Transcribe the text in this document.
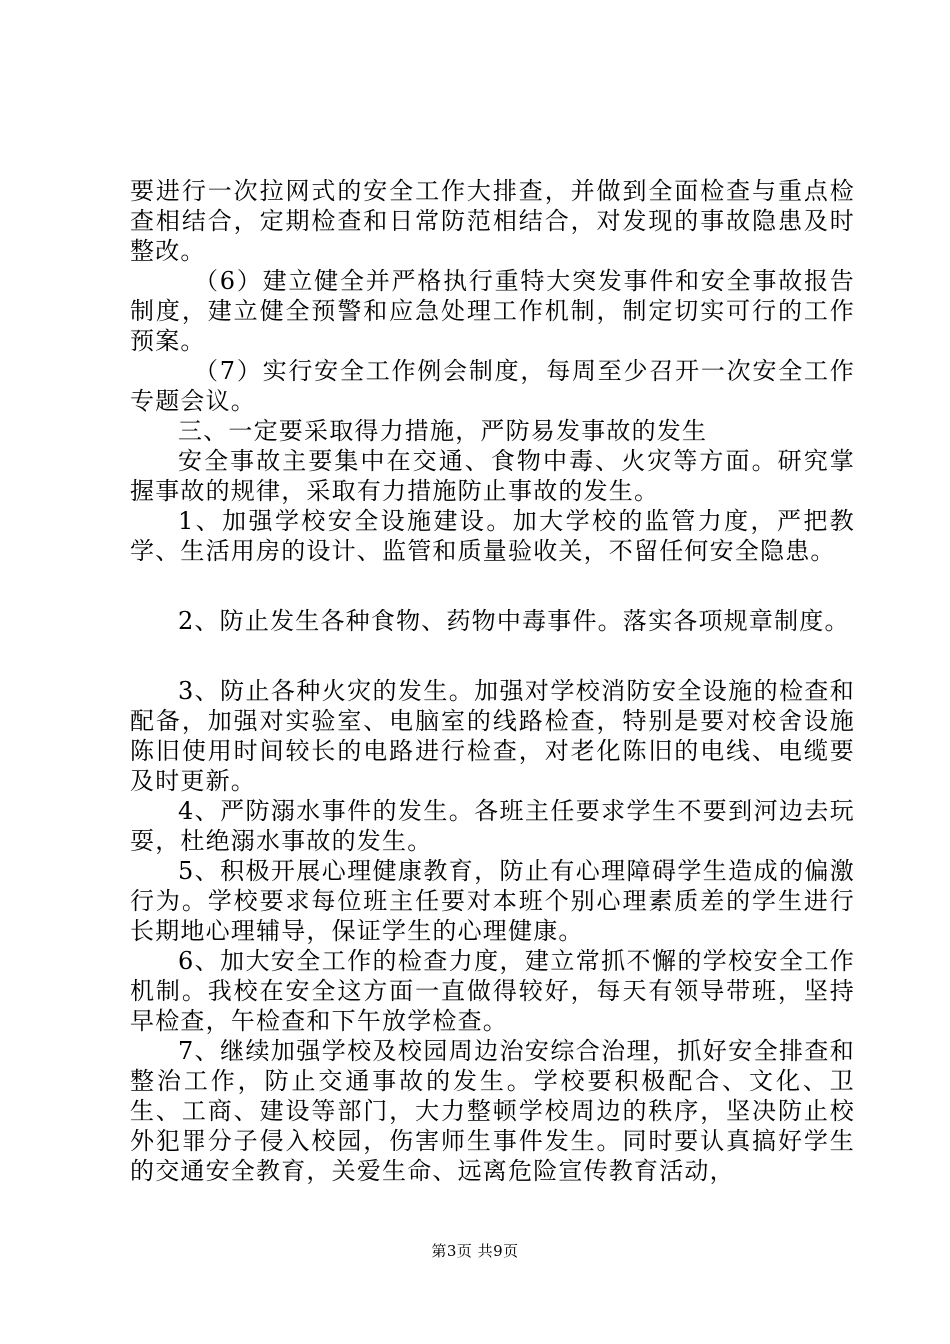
要进行一次拉网式的安全工作大排查，并做到全面检查与重点检查相结合，定期检查和日常防范相结合，对发现的事故隐患及时整改。

（6）建立健全并严格执行重特大突发事件和安全事故报告制度，建立健全预警和应急处理工作机制，制定切实可行的工作预案。

（7）实行安全工作例会制度，每周至少召开一次安全工作专题会议。

三、一定要采取得力措施，严防易发事故的发生

安全事故主要集中在交通、食物中毒、火灾等方面。研究掌握事故的规律，采取有力措施防止事故的发生。

1、加强学校安全设施建设。加大学校的监管力度，严把教学、生活用房的设计、监管和质量验收关，不留任何安全隐患。

2、防止发生各种食物、药物中毒事件。落实各项规章制度。

3、防止各种火灾的发生。加强对学校消防安全设施的检查和配备，加强对实验室、电脑室的线路检查，特别是要对校舍设施陈旧使用时间较长的电路进行检查，对老化陈旧的电线、电缆要及时更新。

4、严防溺水事件的发生。各班主任要求学生不要到河边去玩耍，杜绝溺水事故的发生。

5、积极开展心理健康教育，防止有心理障碍学生造成的偏激行为。学校要求每位班主任要对本班个别心理素质差的学生进行长期地心理辅导，保证学生的心理健康。

6、加大安全工作的检查力度，建立常抓不懈的学校安全工作机制。我校在安全这方面一直做得较好，每天有领导带班，坚持早检查，午检查和下午放学检查。

7、继续加强学校及校园周边治安综合治理，抓好安全排查和整治工作，防止交通事故的发生。学校要积极配合、文化、卫生、工商、建设等部门，大力整顿学校周边的秩序，坚决防止校外犯罪分子侵入校园，伤害师生事件发生。同时要认真搞好学生的交通安全教育，关爱生命、远离危险宣传教育活动，

第3页 共9页
